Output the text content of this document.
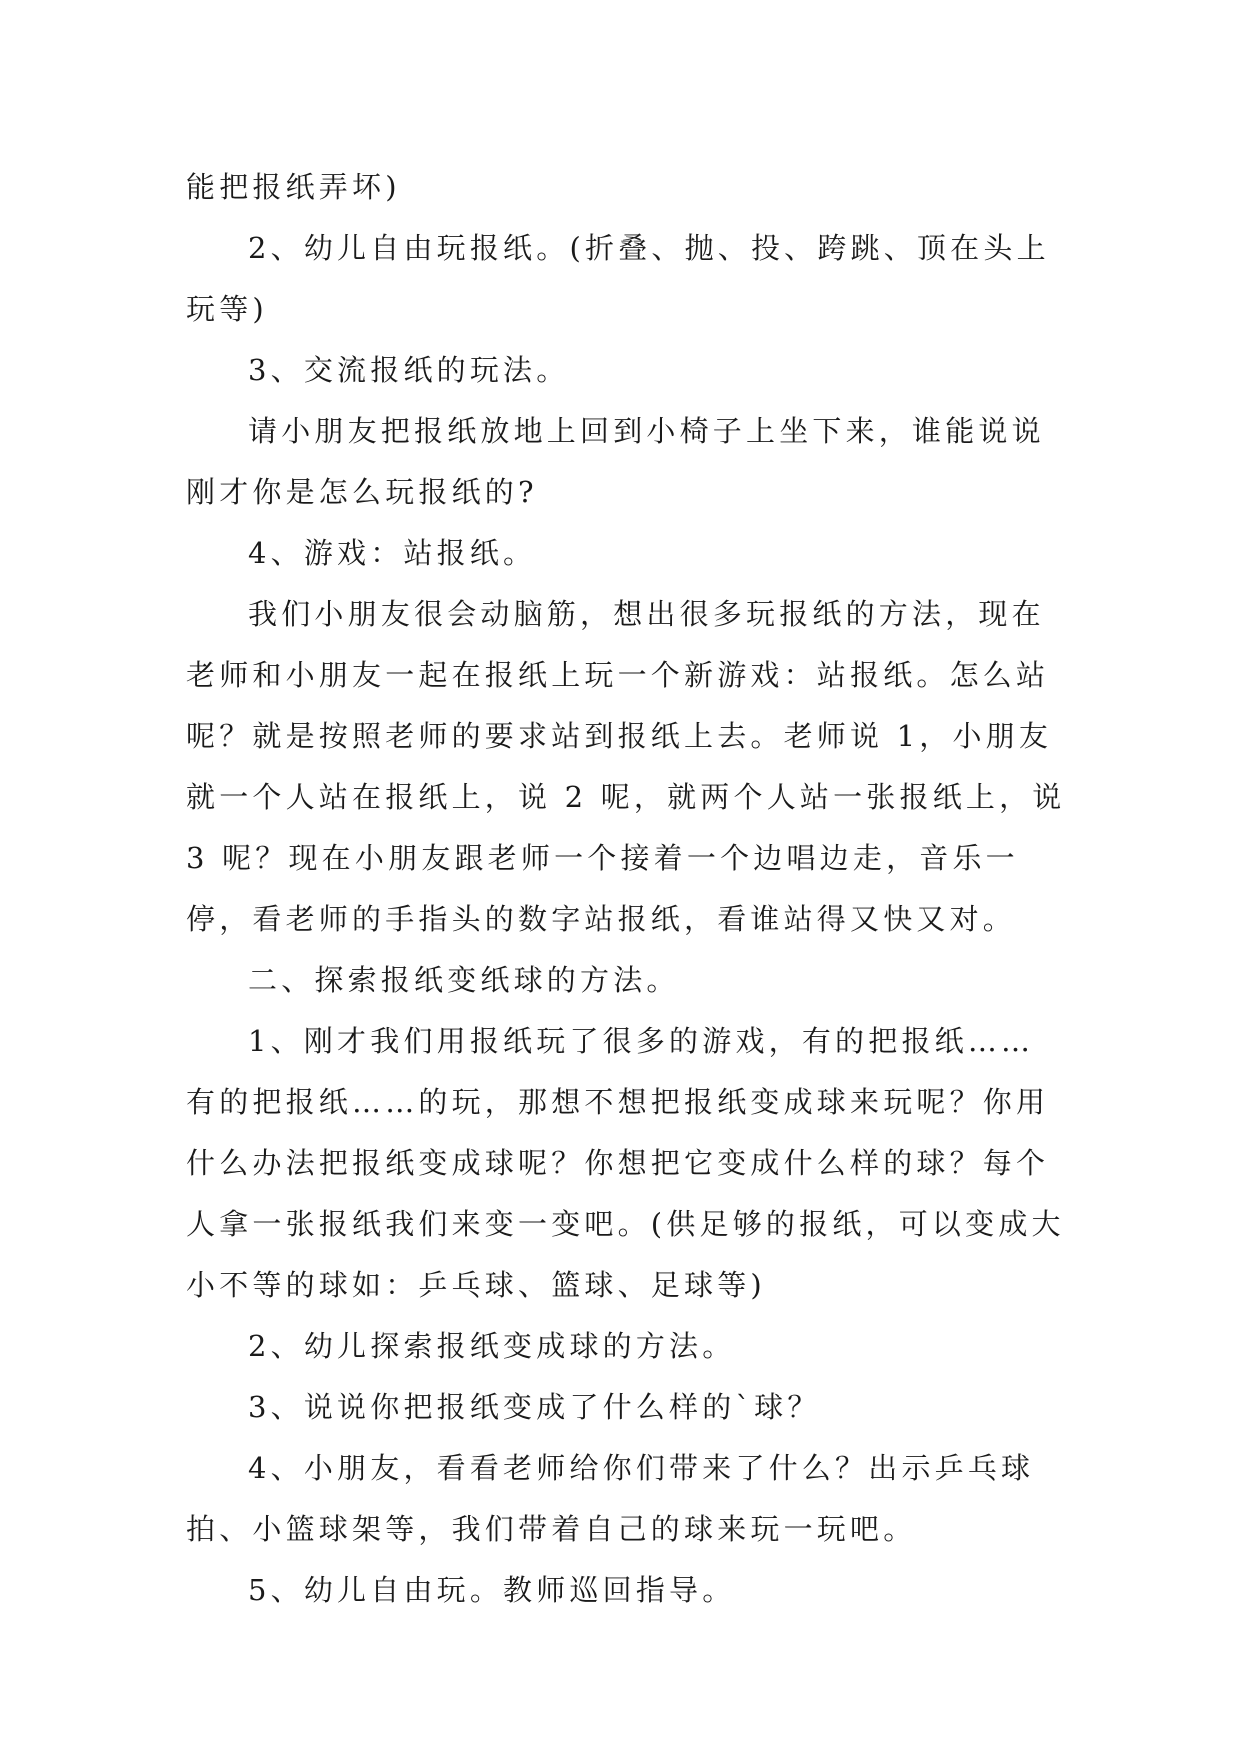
能把报纸弄坏)

2、幼儿自由玩报纸。(折叠、抛、投、跨跳、顶在头上玩等)

3、交流报纸的玩法。

请小朋友把报纸放地上回到小椅子上坐下来，谁能说说刚才你是怎么玩报纸的?

4、游戏：站报纸。

我们小朋友很会动脑筋，想出很多玩报纸的方法，现在老师和小朋友一起在报纸上玩一个新游戏：站报纸。怎么站呢？就是按照老师的要求站到报纸上去。老师说 1，小朋友就一个人站在报纸上，说 2 呢，就两个人站一张报纸上，说 3 呢？现在小朋友跟老师一个接着一个边唱边走，音乐一停，看老师的手指头的数字站报纸，看谁站得又快又对。

二、探索报纸变纸球的方法。

1、刚才我们用报纸玩了很多的游戏，有的把报纸……有的把报纸……的玩，那想不想把报纸变成球来玩呢？你用什么办法把报纸变成球呢？你想把它变成什么样的球？每个人拿一张报纸我们来变一变吧。(供足够的报纸，可以变成大小不等的球如：乒乓球、篮球、足球等)

2、幼儿探索报纸变成球的方法。

3、说说你把报纸变成了什么样的`球？

4、小朋友，看看老师给你们带来了什么？出示乒乓球拍、小篮球架等，我们带着自己的球来玩一玩吧。

5、幼儿自由玩。教师巡回指导。
